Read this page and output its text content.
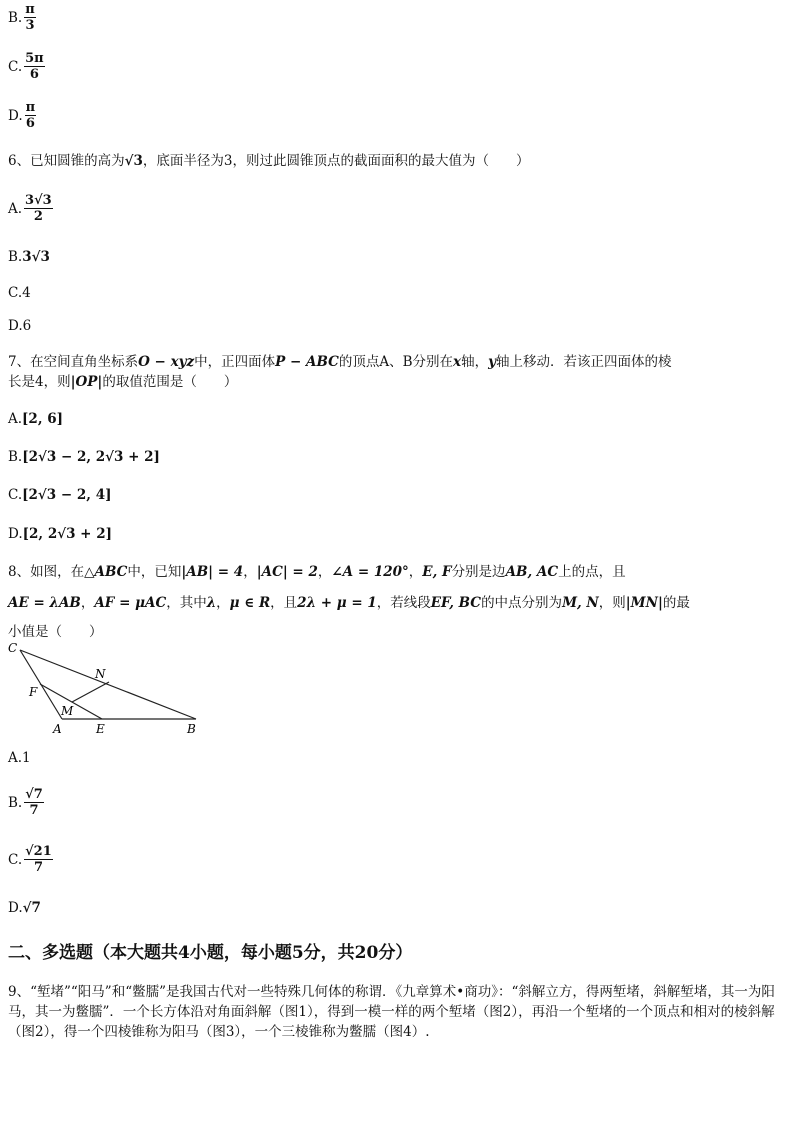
B. $\frac{\pi}{3}$
C. $\frac{5\pi}{6}$
D. $\frac{\pi}{6}$
6、已知圆锥的高为√3，底面半径为3，则过此圆锥顶点的截面面积的最大值为（　　）
A. $\frac{3√3}{2}$
B.3√3
C.4
D.6
7、在空间直角坐标系O − xyz中，正四面体P − ABC的顶点A、B分别在x轴，y轴上移动．若该正四面体的棱
长是4，则|OP|的取值范围是（　　）
A.[2, 6]
B.[2√3 − 2, 2√3 + 2]
C.[2√3 − 2, 4]
D.[2, 2√3 + 2]
8、如图，在△ABC中，已知|AB| = 4，|AC| = 2，∠A = 120°，E, F分别是边AB, AC上的点，且
AE = λAB，AF = μAC，其中λ，μ ∈ R，且2λ + μ = 1，若线段EF, BC的中点分别为M, N，则|MN|的最
小值是（　　）
C
N
F
M
A	E	B
A.1
B. $\frac{√7}{7}$
C. $\frac{√21}{7}$
D.√7
二、多选题（本大题共4小题，每小题5分，共20分）
9、“堑堵”“阳马”和“鳖臑”是我国古代对一些特殊几何体的称谓．《九章算术•商功》：“斜解立方，得两堑堵，斜解堑堵，其一为阳马，其一为鳖臑”．一个长方体沿对角面斜解（图1），得到一模一样的两个堑堵（图2），再沿一个堑堵的一个顶点和相对的棱斜解（图2），得一个四棱锥称为阳马（图3），一个三棱锥称为鳖臑（图4）.
